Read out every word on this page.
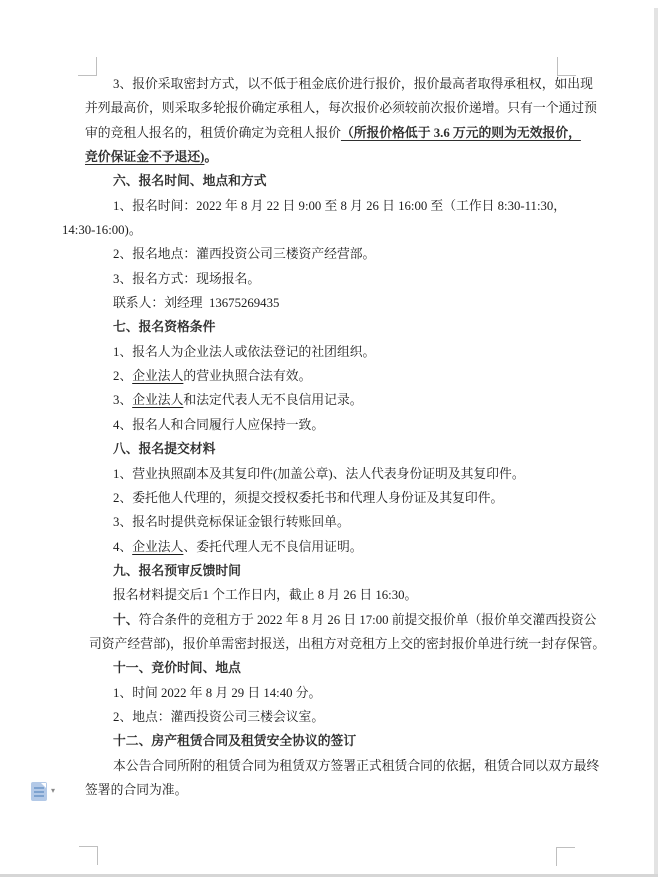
3、报价采取密封方式，以不低于租金底价进行报价，报价最高者取得承租权，如出现
并列最高价，则采取多轮报价确定承租人，每次报价必须较前次报价递增。只有一个通过预
审的竞租人报名的，租赁价确定为竞租人报价（所报价格低于 3.6 万元的则为无效报价，
竞价保证金不予退还)。
六、报名时间、地点和方式
1、报名时间：2022 年 8 月 22 日 9:00 至 8 月 26 日 16:00 至（工作日 8:30-11:30，
14:30-16:00)。
2、报名地点：灌西投资公司三楼资产经营部。
3、报名方式：现场报名。
联系人：刘经理  13675269435
七、报名资格条件
1、报名人为企业法人或依法登记的社团组织。
2、企业法人的营业执照合法有效。
3、企业法人和法定代表人无不良信用记录。
4、报名人和合同履行人应保持一致。
八、报名提交材料
1、营业执照副本及其复印件(加盖公章)、法人代表身份证明及其复印件。
2、委托他人代理的，须提交授权委托书和代理人身份证及其复印件。
3、报名时提供竞标保证金银行转账回单。
4、企业法人、委托代理人无不良信用证明。
九、报名预审反馈时间
报名材料提交后1 个工作日内，截止 8 月 26 日 16:30。
十、符合条件的竞租方于 2022 年 8 月 26 日 17:00 前提交报价单（报价单交灌西投资公
司资产经营部)，报价单需密封报送，出租方对竞租方上交的密封报价单进行统一封存保管。
十一、竞价时间、地点
1、时间 2022 年 8 月 29 日 14:40 分。
2、地点：灌西投资公司三楼会议室。
十二、房产租赁合同及租赁安全协议的签订
本公告合同所附的租赁合同为租赁双方签署正式租赁合同的依据，租赁合同以双方最终
签署的合同为准。
▾
